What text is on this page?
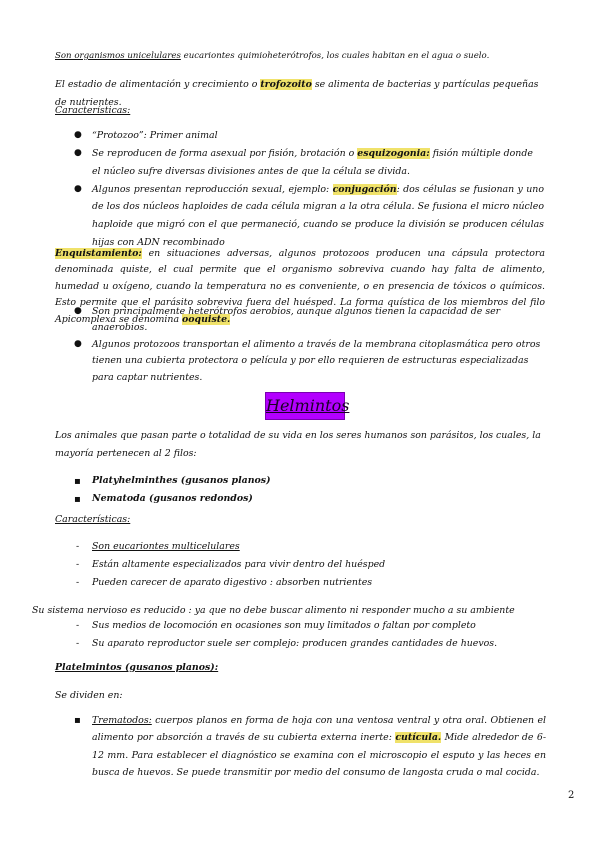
Son organismos unicelulares eucariontes quimioheterótrofos, los cuales habitan en el agua o suelo.
El estadio de alimentación y crecimiento o trofozoito se alimenta de bacterias y partículas pequeñas de nutrientes.
Características:
● “Protozoo”: Primer animal
● Se reproducen de forma asexual por fisión, brotación o esquizogonia: fisión múltiple donde el núcleo sufre diversas divisiones antes de que la célula se divida.
● Algunos presentan reproducción sexual, ejemplo: conjugación: dos células se fusionan y uno de los dos núcleos haploides de cada célula migran a la otra célula. Se fusiona el micro núcleo haploide que migró con el que permaneció, cuando se produce la división se producen células hijas con ADN recombinado
Enquistamiento: en situaciones adversas, algunos protozoos producen una cápsula protectora denominada quiste, el cual permite que el organismo sobreviva cuando hay falta de alimento, humedad u oxígeno, cuando la temperatura no es conveniente, o en presencia de tóxicos o químicos. Esto permite que el parásito sobreviva fuera del huésped. La forma quística de los miembros del filo Apicomplexa se denomina ooquiste.
● Son principalmente heterótrofos aerobios, aunque algunos tienen la capacidad de ser anaerobios.
● Algunos protozoos transportan el alimento a través de la membrana citoplasmática pero otros tienen una cubierta protectora o película y por ello requieren de estructuras especializadas para captar nutrientes.
Helmintos
Los animales que pasan parte o totalidad de su vida en los seres humanos son parásitos, los cuales, la mayoría pertenecen al 2 filos:
▪ Platyhelminthes (gusanos planos)
▪ Nematoda (gusanos redondos)
Características:
- Son eucariontes multicelulares
- Están altamente especializados para vivir dentro del huésped
- Pueden carecer de aparato digestivo : absorben nutrientes
Su sistema nervioso es reducido : ya que no debe buscar alimento ni responder mucho a su ambiente
- Sus medios de locomoción en ocasiones son muy limitados o faltan por completo
- Su aparato reproductor suele ser complejo: producen grandes cantidades de huevos.
Platelmintos (gusanos planos):
Se dividen en:
▪ Trematodos: cuerpos planos en forma de hoja con una ventosa ventral y otra oral. Obtienen el alimento por absorción a través de su cubierta externa inerte: cutícula. Mide alrededor de 6-12 mm. Para establecer el diagnóstico se examina con el microscopio el esputo y las heces en busca de huevos. Se puede transmitir por medio del consumo de langosta cruda o mal cocida.
2
